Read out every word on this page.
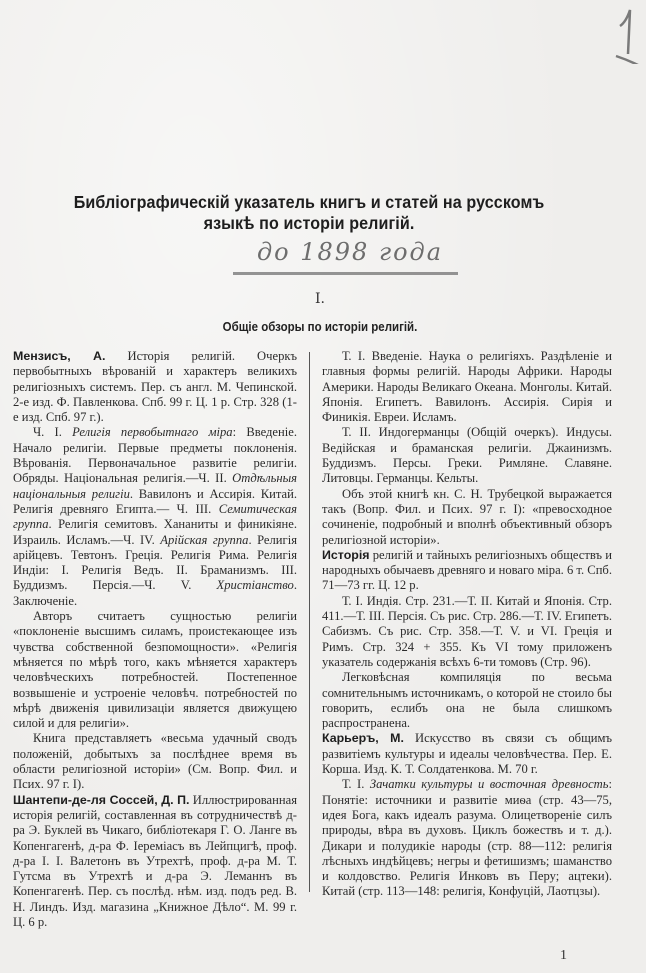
Библіографическій указатель книгъ и статей на русскомъ
языкѣ по исторіи религій.
до 1898 года
I.
Общіе обзоры по исторіи религій.

Мензисъ, А. Исторія религій. Очеркъ первобытныхъ вѣрованій и характеръ великихъ религіозныхъ системъ. Пер. съ англ. М. Чепинской. 2-е изд. Ф. Павленкова. Спб. 99 г. Ц. 1 р. Стр. 328 (1-е изд. Спб. 97 г.).

Ч. I. Религія первобытнаго міра: Введеніе. Начало религіи. Первые предметы поклоненія. Вѣрованія. Первоначальное развитіе религіи. Обряды. Національная религія.—Ч. II. Отдѣльныя національныя религіи. Вавилонъ и Ассирія. Китай. Религія древняго Египта.— Ч. III. Семитическая группа. Религія семитовъ. Хананиты и финикіяне. Израиль. Исламъ.—Ч. IV. Арійская группа. Религія арійцевъ. Тевтонъ. Греція. Религія Рима. Религія Индіи: I. Религія Ведъ. II. Браманизмъ. III. Буддизмъ. Персія.—Ч. V. Христіанство. Заключеніе.

Авторъ считаетъ сущностью религіи «поклоненіе высшимъ силамъ, проистекающее изъ чувства собственной безпомощности». «Религія мѣняется по мѣрѣ того, какъ мѣняется характеръ человѣческихъ потребностей. Постепенное возвышеніе и устроеніе человѣч. потребностей по мѣрѣ движенія цивилизаціи является движущею силой и для религіи».

Книга представляетъ «весьма удачный сводъ положеній, добытыхъ за послѣднее время въ области религіозной исторіи» (См. Вопр. Фил. и Псих. 97 г. I).

Шантепи-де-ля Соссей, Д. П. Иллюстрированная исторія религій, составленная въ сотрудничествѣ д-ра Э. Буклей въ Чикаго, библіотекаря Г. О. Ланге въ Копенгагенѣ, д-ра Ф. Іереміасъ въ Лейпцигѣ, проф. д-ра I. I. Валетонъ въ Утрехтѣ, проф. д-ра М. Т. Гутсма въ Утрехтѣ и д-ра Э. Леманнъ въ Копенгагенѣ. Пер. съ послѣд. нѣм. изд. подъ ред. В. Н. Линдъ. Изд. магазина „Книжное Дѣло“. М. 99 г. Ц. 6 р.

Т. I. Введеніе. Наука о религіяхъ. Раздѣленіе и главныя формы религій. Народы Африки. Народы Америки. Народы Великаго Океана. Монголы. Китай. Японія. Египетъ. Вавилонъ. Ассирія. Сирія и Финикія. Евреи. Исламъ.

Т. II. Индогерманцы (Общій очеркъ). Индусы. Ведійская и браманская религіи. Джаинизмъ. Буддизмъ. Персы. Греки. Римляне. Славяне. Литовцы. Германцы. Кельты.

Объ этой книгѣ кн. С. Н. Трубецкой выражается такъ (Вопр. Фил. и Псих. 97 г. I): «превосходное сочиненіе, подробный и вполнѣ объективный обзоръ религіозной исторіи».

Исторія религій и тайныхъ религіозныхъ обществъ и народныхъ обычаевъ древняго и новаго міра. 6 т. Спб. 71—73 гг. Ц. 12 р.

Т. I. Индія. Стр. 231.—Т. II. Китай и Японія. Стр. 411.—Т. III. Персія. Съ рис. Стр. 286.—Т. IV. Египетъ. Сабизмъ. Съ рис. Стр. 358.—Т. V. и VI. Греція и Римъ. Стр. 324 + 355. Къ VI тому приложенъ указатель содержанія всѣхъ 6-ти томовъ (Стр. 96).

Легковѣсная компиляція по весьма сомнительнымъ источникамъ, о которой не стоило бы говорить, еслибъ она не была слишкомъ распространена.

Карьеръ, М. Искусство въ связи съ общимъ развитіемъ культуры и идеалы человѣчества. Пер. Е. Корша. Изд. К. Т. Солдатенкова. М. 70 г.

Т. I. Зачатки культуры и восточная древность: Понятіе: источники и развитіе миѳа (стр. 43—75, идея Бога, какъ идеалъ разума. Олицетвореніе силъ природы, вѣра въ духовъ. Циклъ божествъ и т. д.). Дикари и полудикіе народы (стр. 88—112: религія лѣсныхъ индѣйцевъ; негры и фетишизмъ; шаманство и колдовство. Религія Инковъ въ Перу; ацтеки). Китай (стр. 113—148: религія, Конфуцій, Лаотцзы).

1
